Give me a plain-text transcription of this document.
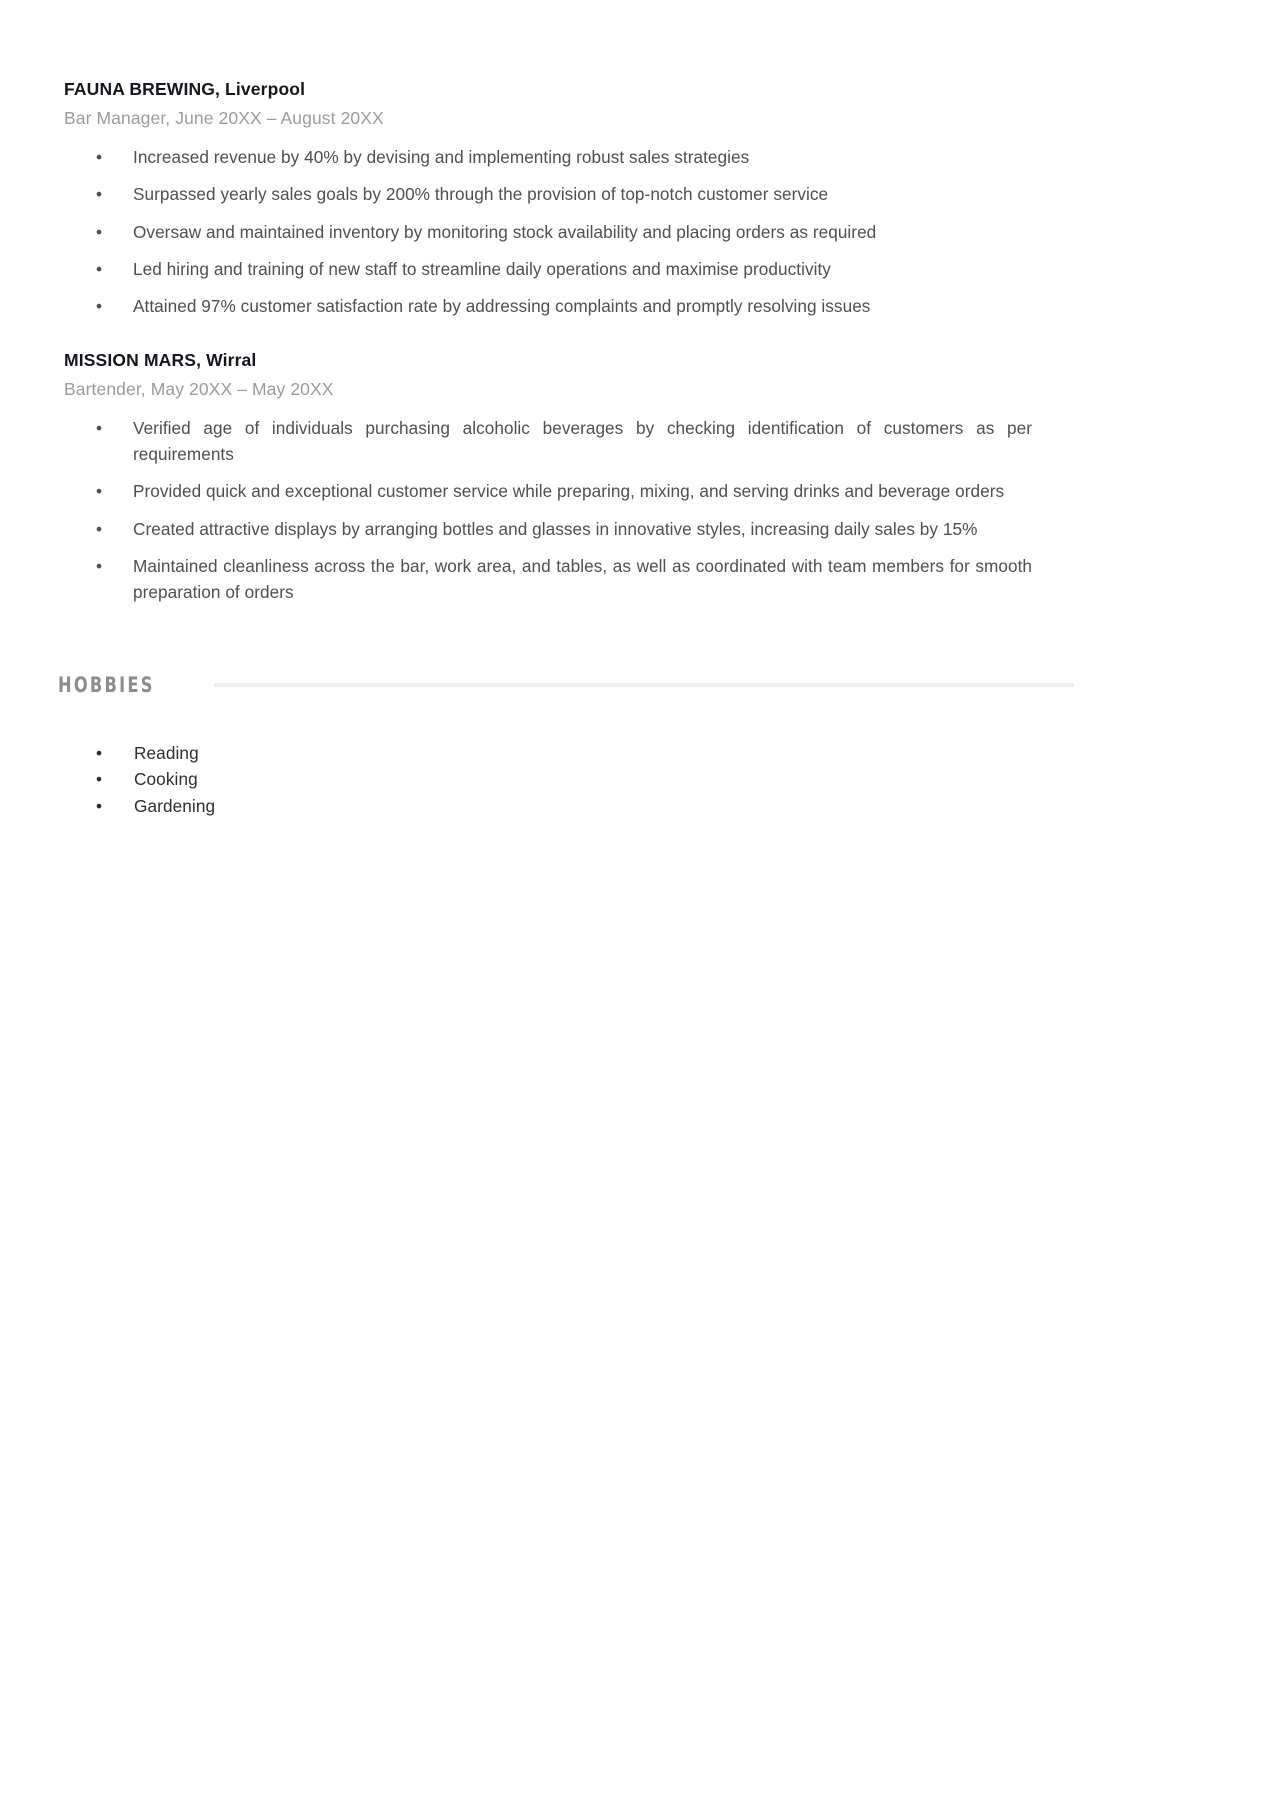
FAUNA BREWING, Liverpool
Bar Manager, June 20XX – August 20XX
• Increased revenue by 40% by devising and implementing robust sales strategies
• Surpassed yearly sales goals by 200% through the provision of top-notch customer service
• Oversaw and maintained inventory by monitoring stock availability and placing orders as required
• Led hiring and training of new staff to streamline daily operations and maximise productivity
• Attained 97% customer satisfaction rate by addressing complaints and promptly resolving issues
MISSION MARS, Wirral
Bartender, May 20XX – May 20XX
• Verified age of individuals purchasing alcoholic beverages by checking identification of customers as per requirements
• Provided quick and exceptional customer service while preparing, mixing, and serving drinks and beverage orders
• Created attractive displays by arranging bottles and glasses in innovative styles, increasing daily sales by 15%
• Maintained cleanliness across the bar, work area, and tables, as well as coordinated with team members for smooth preparation of orders
HOBBIES
• Reading
• Cooking
• Gardening
